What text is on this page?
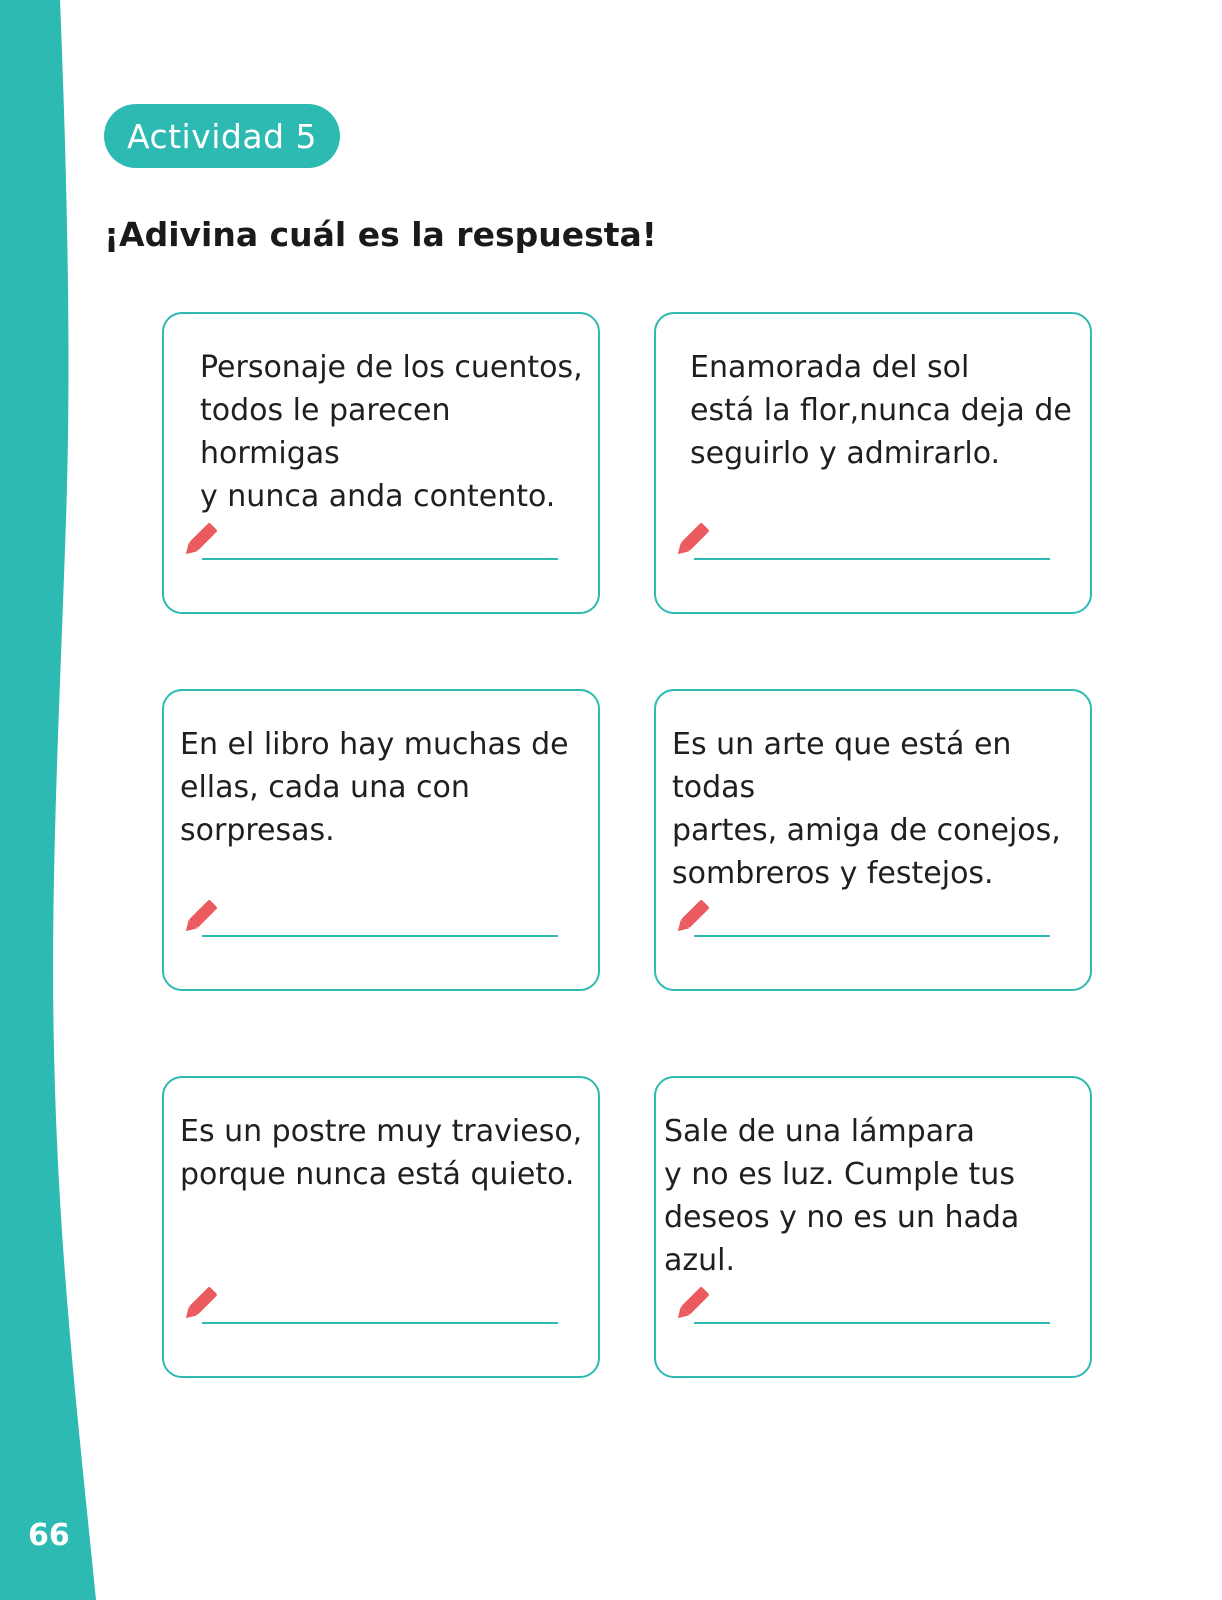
66
Actividad 5
¡Adivina cuál es la respuesta!

Personaje de los cuentos,
todos le parecen hormigas
y nunca anda contento.

Enamorada del sol
está la flor,nunca deja de
seguirlo y admirarlo.

En el libro hay muchas de
ellas, cada una con sorpresas.

Es un arte que está en todas
partes, amiga de conejos,
sombreros y festejos.

Es un postre muy travieso,
porque nunca está quieto.

Sale de una lámpara
y no es luz. Cumple tus
deseos y no es un hada azul.
